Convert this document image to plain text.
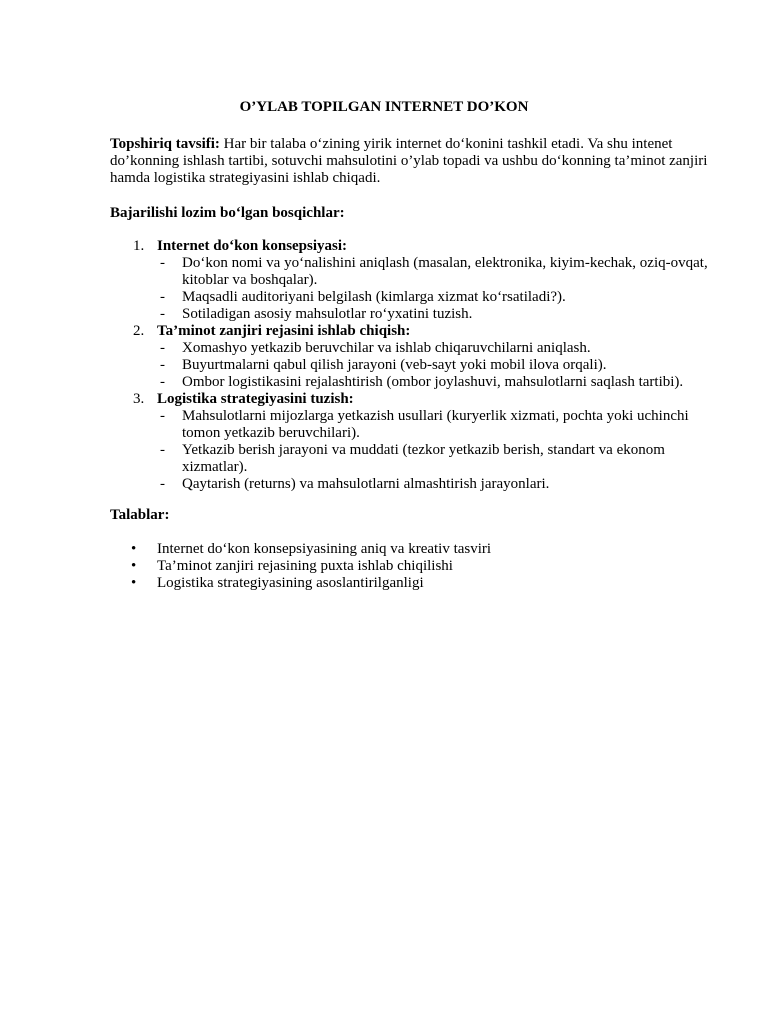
O’YLAB TOPILGAN INTERNET DO’KON
Topshiriq tavsifi: Har bir talaba o‘zining yirik internet do‘konini tashkil etadi. Va shu intenet do’konning ishlash tartibi, sotuvchi mahsulotini o’ylab topadi va ushbu do‘konning ta’minot zanjiri hamda logistika strategiyasini ishlab chiqadi.
Bajarilishi lozim bo‘lgan bosqichlar:
1. Internet do‘kon konsepsiyasi:
- Do‘kon nomi va yo‘nalishini aniqlash (masalan, elektronika, kiyim-kechak, oziq-ovqat, kitoblar va boshqalar).
- Maqsadli auditoriyani belgilash (kimlarga xizmat ko‘rsatiladi?).
- Sotiladigan asosiy mahsulotlar ro‘yxatini tuzish.
2. Ta’minot zanjiri rejasini ishlab chiqish:
- Xomashyo yetkazib beruvchilar va ishlab chiqaruvchilarni aniqlash.
- Buyurtmalarni qabul qilish jarayoni (veb-sayt yoki mobil ilova orqali).
- Ombor logistikasini rejalashtirish (ombor joylashuvi, mahsulotlarni saqlash tartibi).
3. Logistika strategiyasini tuzish:
- Mahsulotlarni mijozlarga yetkazish usullari (kuryerlik xizmati, pochta yoki uchinchi tomon yetkazib beruvchilari).
- Yetkazib berish jarayoni va muddati (tezkor yetkazib berish, standart va ekonom xizmatlar).
- Qaytarish (returns) va mahsulotlarni almashtirish jarayonlari.
Talablar:
• Internet do‘kon konsepsiyasining aniq va kreativ tasviri
• Ta’minot zanjiri rejasining puxta ishlab chiqilishi
• Logistika strategiyasining asoslantirilganligi
